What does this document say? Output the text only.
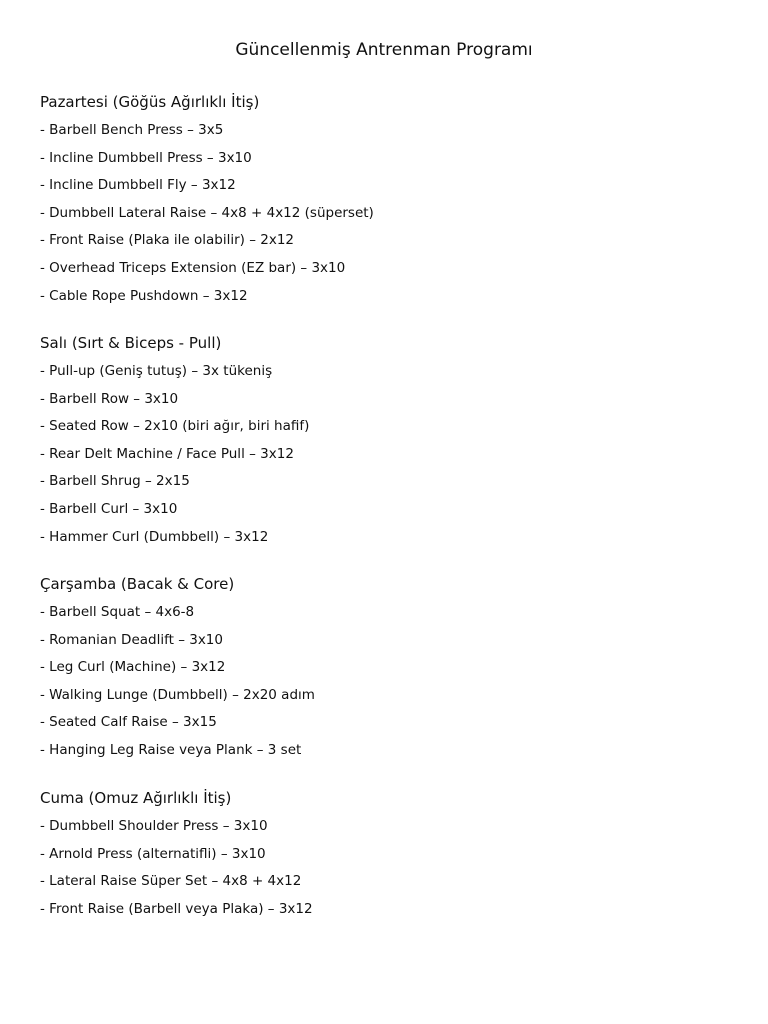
Güncellenmiş Antrenman Programı
Pazartesi (Göğüs Ağırlıklı İtiş)
- Barbell Bench Press – 3x5
- Incline Dumbbell Press – 3x10
- Incline Dumbbell Fly – 3x12
- Dumbbell Lateral Raise – 4x8 + 4x12 (süperset)
- Front Raise (Plaka ile olabilir) – 2x12
- Overhead Triceps Extension (EZ bar) – 3x10
- Cable Rope Pushdown – 3x12
Salı (Sırt & Biceps - Pull)
- Pull-up (Geniş tutuş) – 3x tükeniş
- Barbell Row – 3x10
- Seated Row – 2x10 (biri ağır, biri hafif)
- Rear Delt Machine / Face Pull – 3x12
- Barbell Shrug – 2x15
- Barbell Curl – 3x10
- Hammer Curl (Dumbbell) – 3x12
Çarşamba (Bacak & Core)
- Barbell Squat – 4x6-8
- Romanian Deadlift – 3x10
- Leg Curl (Machine) – 3x12
- Walking Lunge (Dumbbell) – 2x20 adım
- Seated Calf Raise – 3x15
- Hanging Leg Raise veya Plank – 3 set
Cuma (Omuz Ağırlıklı İtiş)
- Dumbbell Shoulder Press – 3x10
- Arnold Press (alternatifli) – 3x10
- Lateral Raise Süper Set – 4x8 + 4x12
- Front Raise (Barbell veya Plaka) – 3x12
